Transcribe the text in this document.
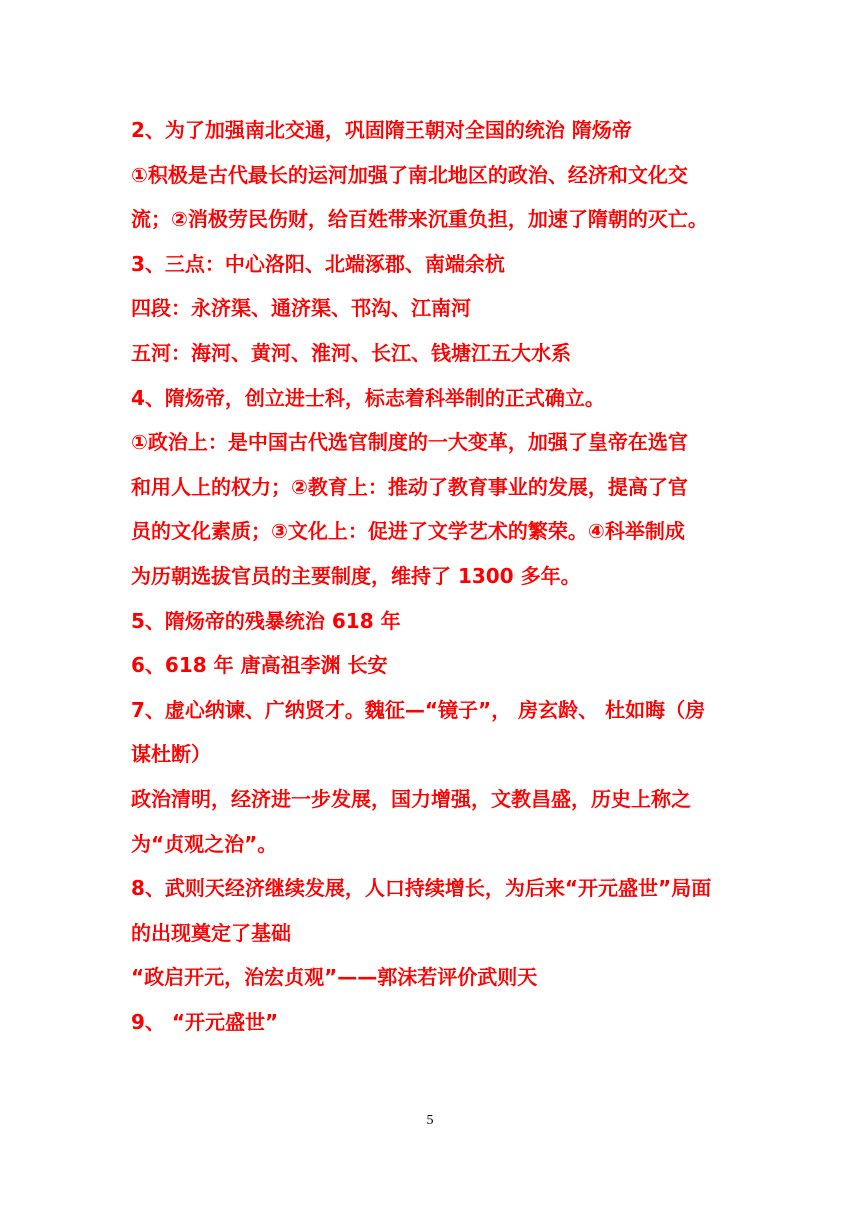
2、为了加强南北交通，巩固隋王朝对全国的统治 隋炀帝
①积极是古代最长的运河加强了南北地区的政治、经济和文化交
流；②消极劳民伤财，给百姓带来沉重负担，加速了隋朝的灭亡。
3、三点：中心洛阳、北端涿郡、南端余杭
四段：永济渠、通济渠、邗沟、江南河
五河：海河、黄河、淮河、长江、钱塘江五大水系
4、隋炀帝，创立进士科，标志着科举制的正式确立。
①政治上：是中国古代选官制度的一大变革，加强了皇帝在选官
和用人上的权力；②教育上：推动了教育事业的发展，提高了官
员的文化素质；③文化上：促进了文学艺术的繁荣。④科举制成
为历朝选拔官员的主要制度，维持了 1300 多年。
5、隋炀帝的残暴统治 618 年
6、618 年 唐高祖李渊 长安
7、虚心纳谏、广纳贤才。魏征—“镜子”， 房玄龄、 杜如晦（房
谋杜断）
政治清明，经济进一步发展，国力增强，文教昌盛，历史上称之
为“贞观之治”。
8、武则天经济继续发展，人口持续增长，为后来“开元盛世”局面
的出现奠定了基础
“政启开元，治宏贞观”——郭沫若评价武则天
9、 “开元盛世”
5
